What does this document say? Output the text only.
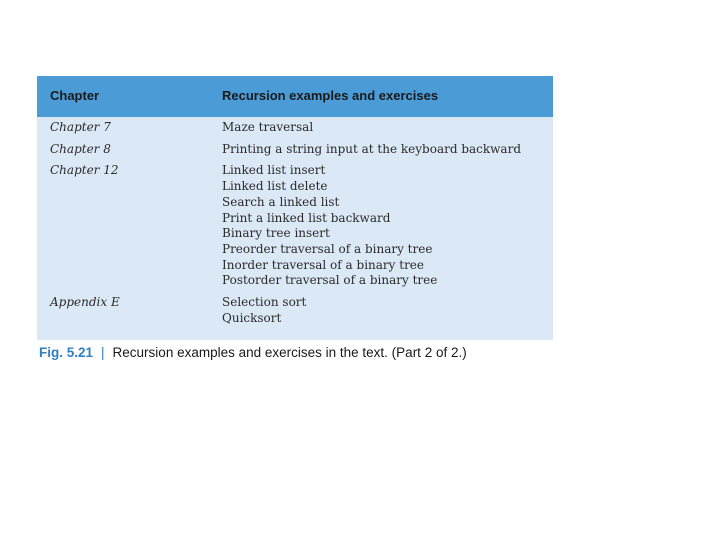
Chapter	Recursion examples and exercises
Chapter 7	Maze traversal
Chapter 8	Printing a string input at the keyboard backward
Chapter 12	Linked list insert
Linked list delete
Search a linked list
Print a linked list backward
Binary tree insert
Preorder traversal of a binary tree
Inorder traversal of a binary tree
Postorder traversal of a binary tree
Appendix E	Selection sort
Quicksort
Fig. 5.21 | Recursion examples and exercises in the text. (Part 2 of 2.)
